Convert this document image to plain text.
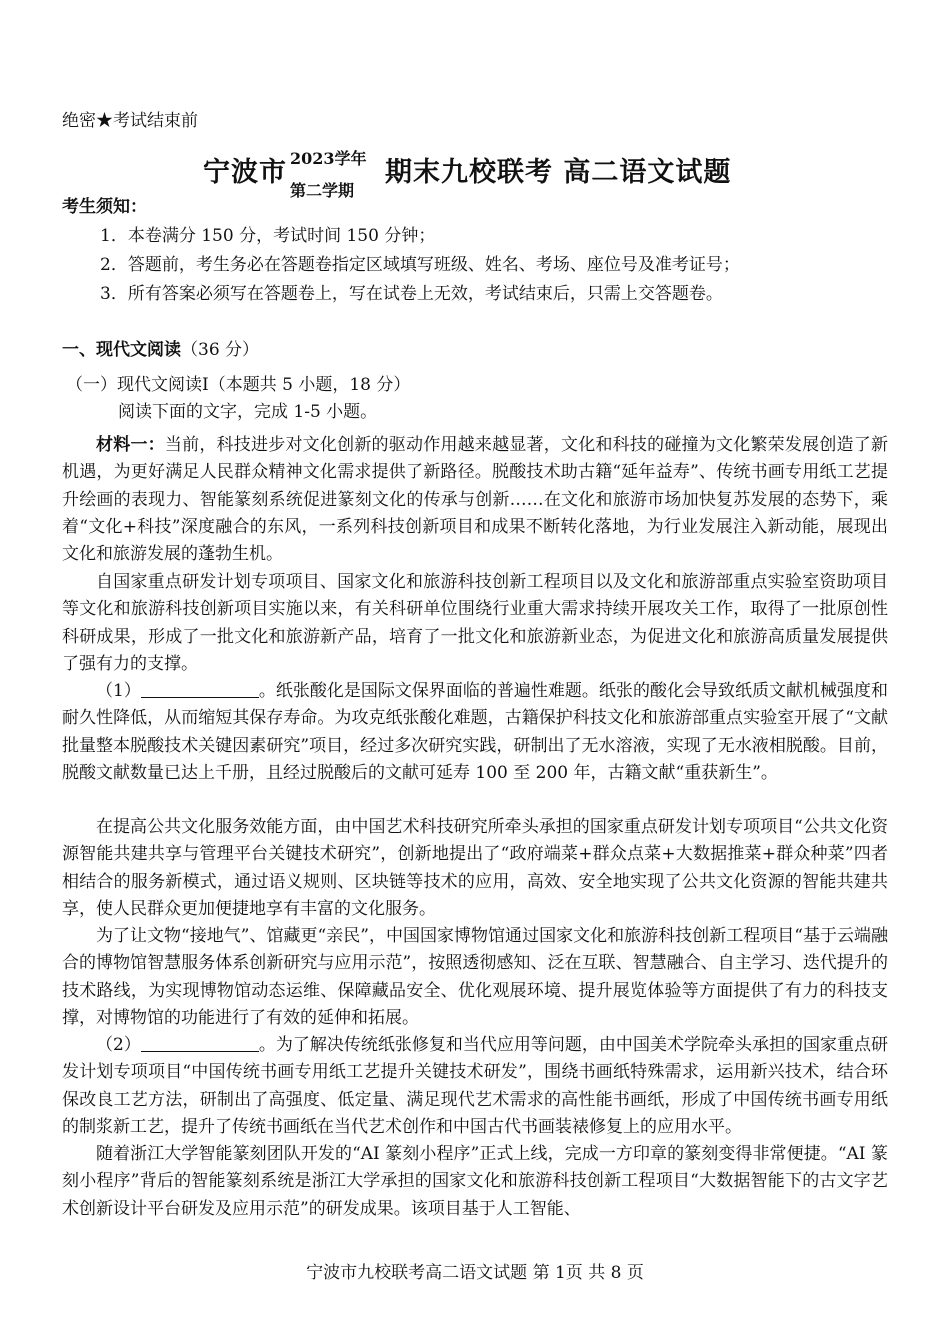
绝密★考试结束前
宁波市 2023学年
第二学期
期末九校联考 高二语文试题
考生须知：
1．本卷满分 150 分，考试时间 150 分钟；
2．答题前，考生务必在答题卷指定区域填写班级、姓名、考场、座位号及准考证号；
3．所有答案必须写在答题卷上，写在试卷上无效，考试结束后，只需上交答题卷。
一、现代文阅读（36 分）
（一）现代文阅读Ⅰ（本题共 5 小题，18 分）
阅读下面的文字，完成 1-5 小题。

材料一：当前，科技进步对文化创新的驱动作用越来越显著，文化和科技的碰撞为文化繁荣发展创造了新机遇，为更好满足人民群众精神文化需求提供了新路径。脱酸技术助古籍“延年益寿”、传统书画专用纸工艺提升绘画的表现力、智能篆刻系统促进篆刻文化的传承与创新……在文化和旅游市场加快复苏发展的态势下，乘着“文化+科技”深度融合的东风，一系列科技创新项目和成果不断转化落地，为行业发展注入新动能，展现出文化和旅游发展的蓬勃生机。

自国家重点研发计划专项项目、国家文化和旅游科技创新工程项目以及文化和旅游部重点实验室资助项目等文化和旅游科技创新项目实施以来，有关科研单位围绕行业重大需求持续开展攻关工作，取得了一批原创性科研成果，形成了一批文化和旅游新产品，培育了一批文化和旅游新业态，为促进文化和旅游高质量发展提供了强有力的支撑。

（1）	。纸张酸化是国际文保界面临的普遍性难题。纸张的酸化会导致纸质文献机械强度和耐久性降低，从而缩短其保存寿命。为攻克纸张酸化难题，古籍保护科技文化和旅游部重点实验室开展了“文献批量整本脱酸技术关键因素研究”项目，经过多次研究实践，研制出了无水溶液，实现了无水液相脱酸。目前，脱酸文献数量已达上千册，且经过脱酸后的文献可延寿 100 至 200 年，古籍文献“重获新生”。

在提高公共文化服务效能方面，由中国艺术科技研究所牵头承担的国家重点研发计划专项项目“公共文化资源智能共建共享与管理平台关键技术研究”，创新地提出了“政府端菜+群众点菜+大数据推菜+群众种菜”四者相结合的服务新模式，通过语义规则、区块链等技术的应用，高效、安全地实现了公共文化资源的智能共建共享，使人民群众更加便捷地享有丰富的文化服务。

为了让文物“接地气”、馆藏更“亲民”，中国国家博物馆通过国家文化和旅游科技创新工程项目“基于云端融合的博物馆智慧服务体系创新研究与应用示范”，按照透彻感知、泛在互联、智慧融合、自主学习、迭代提升的技术路线，为实现博物馆动态运维、保障藏品安全、优化观展环境、提升展览体验等方面提供了有力的科技支撑，对博物馆的功能进行了有效的延伸和拓展。

（2）	。为了解决传统纸张修复和当代应用等问题，由中国美术学院牵头承担的国家重点研发计划专项项目“中国传统书画专用纸工艺提升关键技术研发”，围绕书画纸特殊需求，运用新兴技术，结合环保改良工艺方法，研制出了高强度、低定量、满足现代艺术需求的高性能书画纸，形成了中国传统书画专用纸的制浆新工艺，提升了传统书画纸在当代艺术创作和中国古代书画装裱修复上的应用水平。

随着浙江大学智能篆刻团队开发的“AI 篆刻小程序”正式上线，完成一方印章的篆刻变得非常便捷。“AI 篆刻小程序”背后的智能篆刻系统是浙江大学承担的国家文化和旅游科技创新工程项目“大数据智能下的古文字艺术创新设计平台研发及应用示范”的研发成果。该项目基于人工智能、

宁波市九校联考高二语文试题 第 1页 共 8 页
